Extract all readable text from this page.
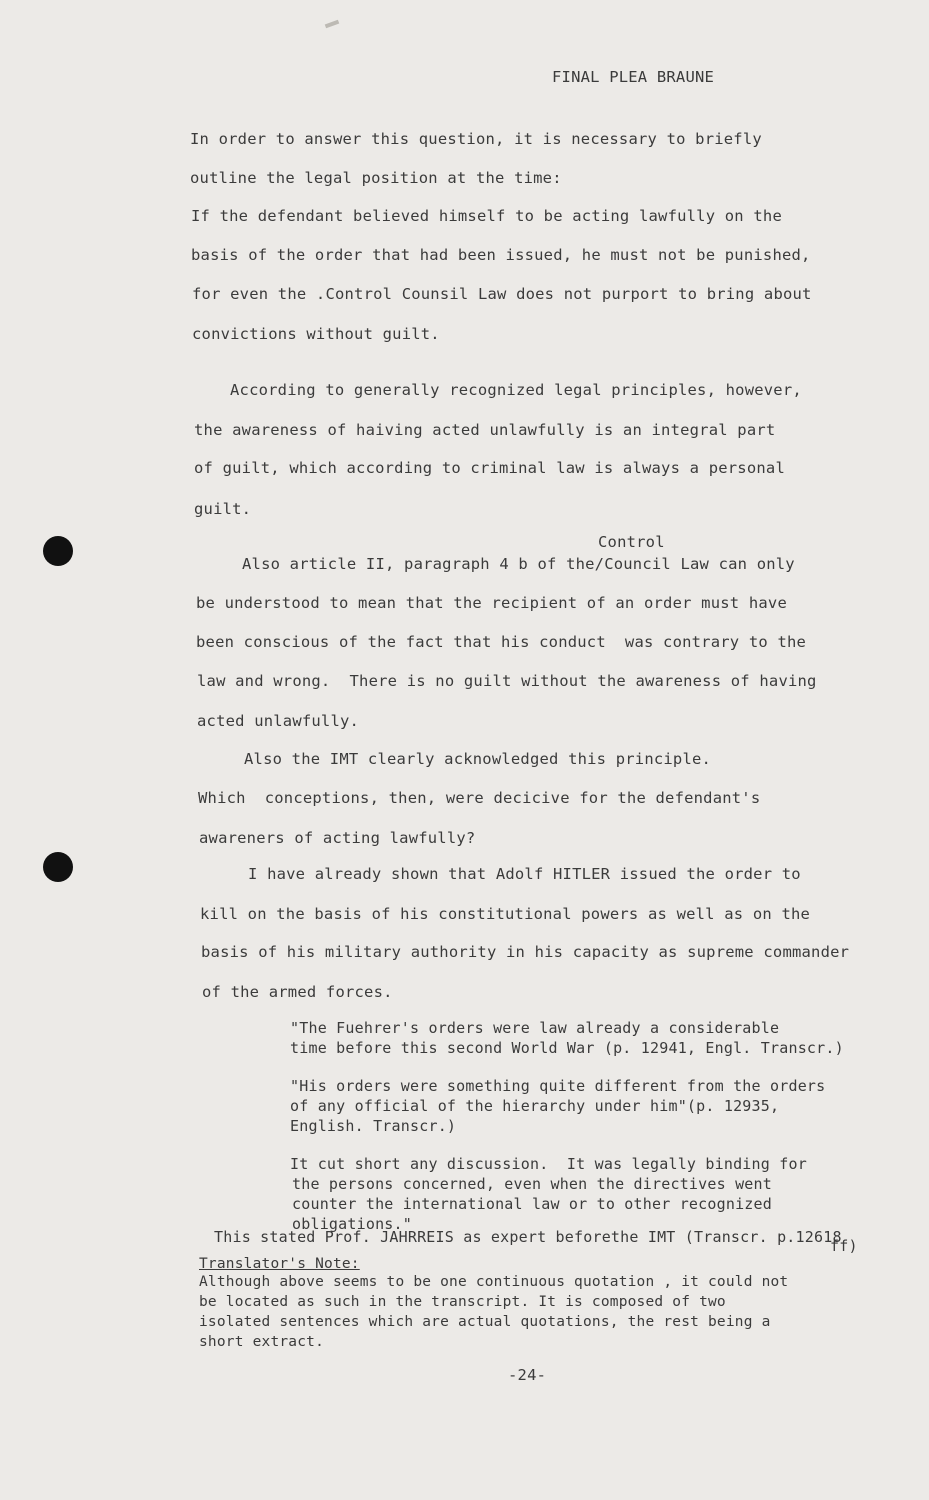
FINAL PLEA BRAUNE
In order to answer this question, it is necessary to briefly
outline the legal position at the time:
If the defendant believed himself to be acting lawfully on the
basis of the order that had been issued, he must not be punished,
for even the .Control Counsil Law does not purport to bring about
convictions without guilt.
According to generally recognized legal principles, however,
the awareness of haiving acted unlawfully is an integral part
of guilt, which according to criminal law is always a personal
guilt.
Control
Also article II, paragraph 4 b of the/Council Law can only
be understood to mean that the recipient of an order must have
been conscious of the fact that his conduct  was contrary to the
law and wrong.  There is no guilt without the awareness of having
acted unlawfully.
Also the IMT clearly acknowledged this principle.
Which  conceptions, then, were decicive for the defendant's
awareners of acting lawfully?
I have already shown that Adolf HITLER issued the order to
kill on the basis of his constitutional powers as well as on the
basis of his military authority in his capacity as supreme commander
of the armed forces.
"The Fuehrer's orders were law already a considerable
time before this second World War (p. 12941, Engl. Transcr.)
"His orders were something quite different from the orders
of any official of the hierarchy under him"(p. 12935,
English. Transcr.)
It cut short any discussion.  It was legally binding for
the persons concerned, even when the directives went
counter the international law or to other recognized
obligations."
This stated Prof. JAHRREIS as expert beforethe IMT (Transcr. p.12618
ff)
Translator's Note:
Although above seems to be one continuous quotation , it could not
be located as such in the transcript. It is composed of two
isolated sentences which are actual quotations, the rest being a
short extract.
-24-
